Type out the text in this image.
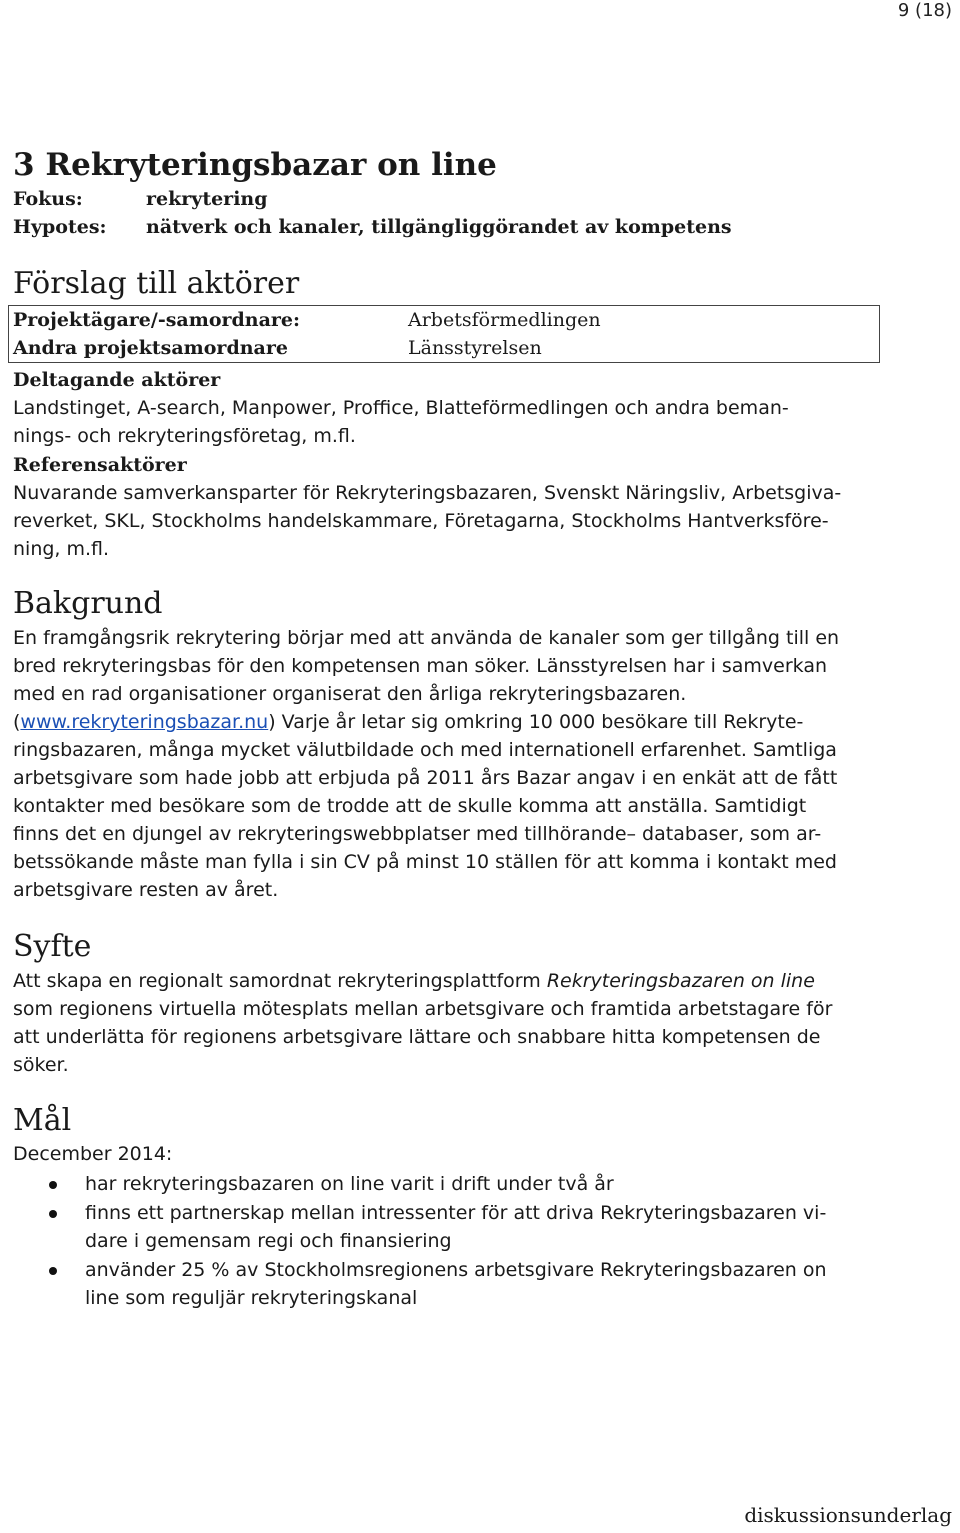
9 (18)
3 Rekryteringsbazar on line
Fokus:	rekrytering
Hypotes: nätverk och kanaler, tillgängliggörandet av kompetens
Förslag till aktörer
Projektägare/-samordnare:	Arbetsförmedlingen
Andra projektsamordnare	Länsstyrelsen
Deltagande aktörer
Landstinget, A-search, Manpower, Proffice, Blatteförmedlingen och andra beman-
nings- och rekryteringsföretag, m.fl.
Referensaktörer
Nuvarande samverkansparter för Rekryteringsbazaren, Svenskt Näringsliv, Arbetsgiva-
reverket, SKL, Stockholms handelskammare, Företagarna, Stockholms Hantverksföre-
ning, m.fl.
Bakgrund
En framgångsrik rekrytering börjar med att använda de kanaler som ger tillgång till en
bred rekryteringsbas för den kompetensen man söker. Länsstyrelsen har i samverkan
med en rad organisationer organiserat den årliga rekryteringsbazaren.
(www.rekryteringsbazar.nu) Varje år letar sig omkring 10 000 besökare till Rekryte-
ringsbazaren, många mycket välutbildade och med internationell erfarenhet. Samtliga
arbetsgivare som hade jobb att erbjuda på 2011 års Bazar angav i en enkät att de fått
kontakter med besökare som de trodde att de skulle komma att anställa. Samtidigt
finns det en djungel av rekryteringswebbplatser med tillhörande– databaser, som ar-
betssökande måste man fylla i sin CV på minst 10 ställen för att komma i kontakt med
arbetsgivare resten av året.
Syfte
Att skapa en regionalt samordnat rekryteringsplattform Rekryteringsbazaren on line
som regionens virtuella mötesplats mellan arbetsgivare och framtida arbetstagare för
att underlätta för regionens arbetsgivare lättare och snabbare hitta kompetensen de
söker.
Mål
December 2014:
har rekryteringsbazaren on line varit i drift under två år
finns ett partnerskap mellan intressenter för att driva Rekryteringsbazaren vi-
dare i gemensam regi och finansiering
använder 25 % av Stockholmsregionens arbetsgivare Rekryteringsbazaren on
line som reguljär rekryteringskanal
diskussionsunderlag
